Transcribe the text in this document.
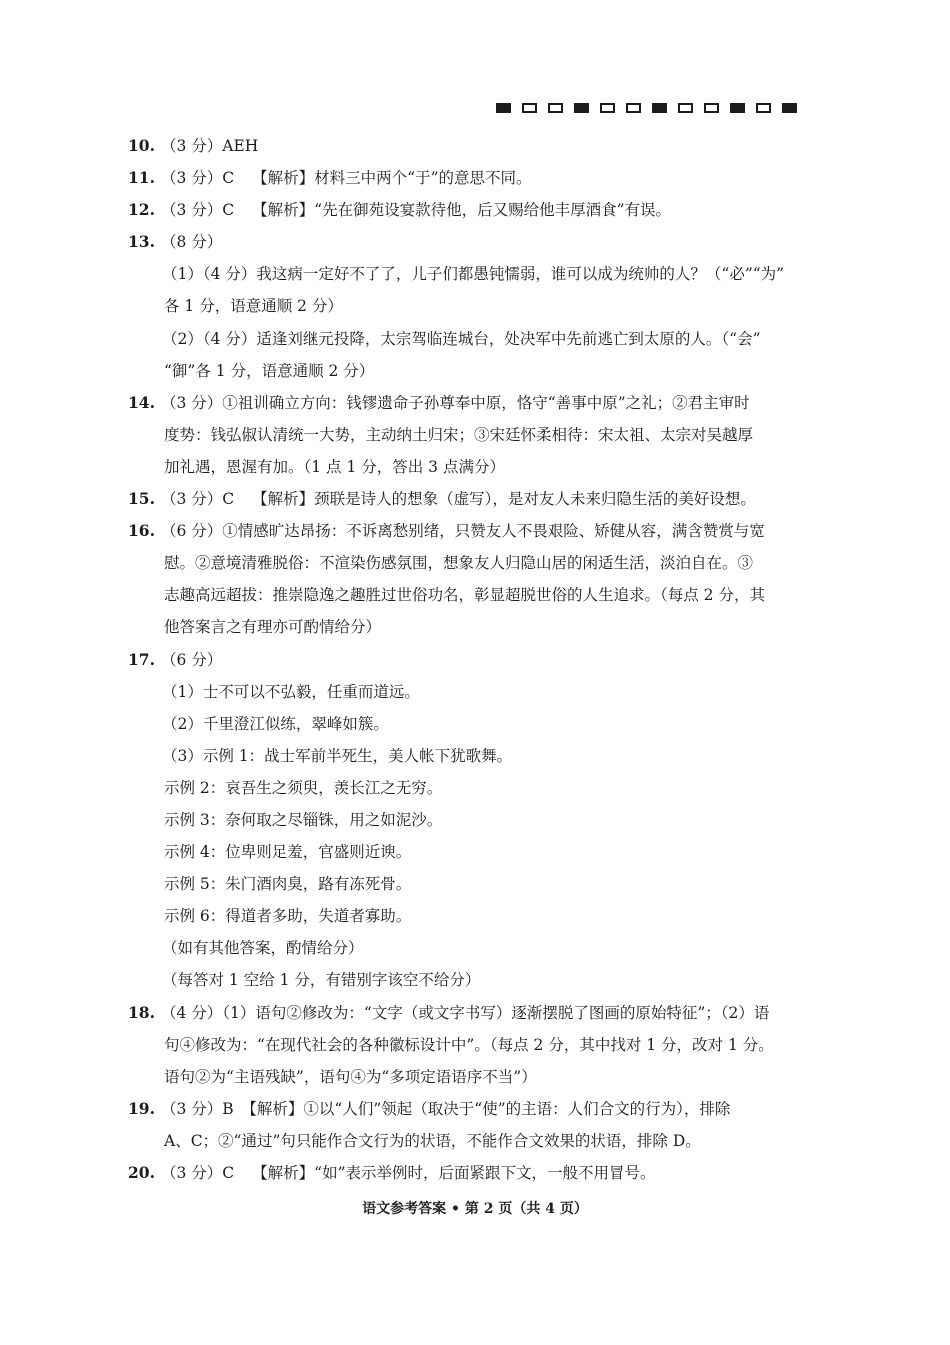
10. （3 分）AEH
11. （3 分）C 【解析】材料三中两个“于”的意思不同。
12. （3 分）C 【解析】“先在御苑设宴款待他，后又赐给他丰厚酒食”有误。
13. （8 分）
（1）（4 分）我这病一定好不了了，儿子们都愚钝懦弱，谁可以成为统帅的人？（“必”“为”
各 1 分，语意通顺 2 分）
（2）（4 分）适逢刘继元投降，太宗驾临连城台，处决军中先前逃亡到太原的人。（“会”
“御”各 1 分，语意通顺 2 分）
14. （3 分）①祖训确立方向：钱镠遗命子孙尊奉中原，恪守“善事中原”之礼；②君主审时
度势：钱弘俶认清统一大势，主动纳土归宋；③宋廷怀柔相待：宋太祖、太宗对吴越厚
加礼遇，恩渥有加。（1 点 1 分，答出 3 点满分）
15. （3 分）C 【解析】颈联是诗人的想象（虚写），是对友人未来归隐生活的美好设想。
16. （6 分）①情感旷达昂扬：不诉离愁别绪，只赞友人不畏艰险、矫健从容，满含赞赏与宽
慰。②意境清雅脱俗：不渲染伤感氛围，想象友人归隐山居的闲适生活，淡泊自在。③
志趣高远超拔：推崇隐逸之趣胜过世俗功名，彰显超脱世俗的人生追求。（每点 2 分，其
他答案言之有理亦可酌情给分）
17. （6 分）
（1）士不可以不弘毅，任重而道远。
（2）千里澄江似练，翠峰如簇。
（3）示例 1：战士军前半死生，美人帐下犹歌舞。
示例 2：哀吾生之须臾，羡长江之无穷。
示例 3：奈何取之尽锱铢，用之如泥沙。
示例 4：位卑则足羞，官盛则近谀。
示例 5：朱门酒肉臭，路有冻死骨。
示例 6：得道者多助，失道者寡助。
（如有其他答案，酌情给分）
（每答对 1 空给 1 分，有错别字该空不给分）
18. （4 分）（1）语句②修改为：“文字（或文字书写）逐渐摆脱了图画的原始特征”；（2）语
句④修改为：“在现代社会的各种徽标设计中”。（每点 2 分，其中找对 1 分，改对 1 分。
语句②为“主语残缺”，语句④为“多项定语语序不当”）
19. （3 分）B　【解析】①以“人们”领起（取决于“使”的主语：人们合文的行为），排除
A、C；②“通过”句只能作合文行为的状语，不能作合文效果的状语，排除 D。
20. （3 分）C 【解析】“如”表示举例时，后面紧跟下文，一般不用冒号。
语文参考答案 • 第 2 页（共 4 页）
